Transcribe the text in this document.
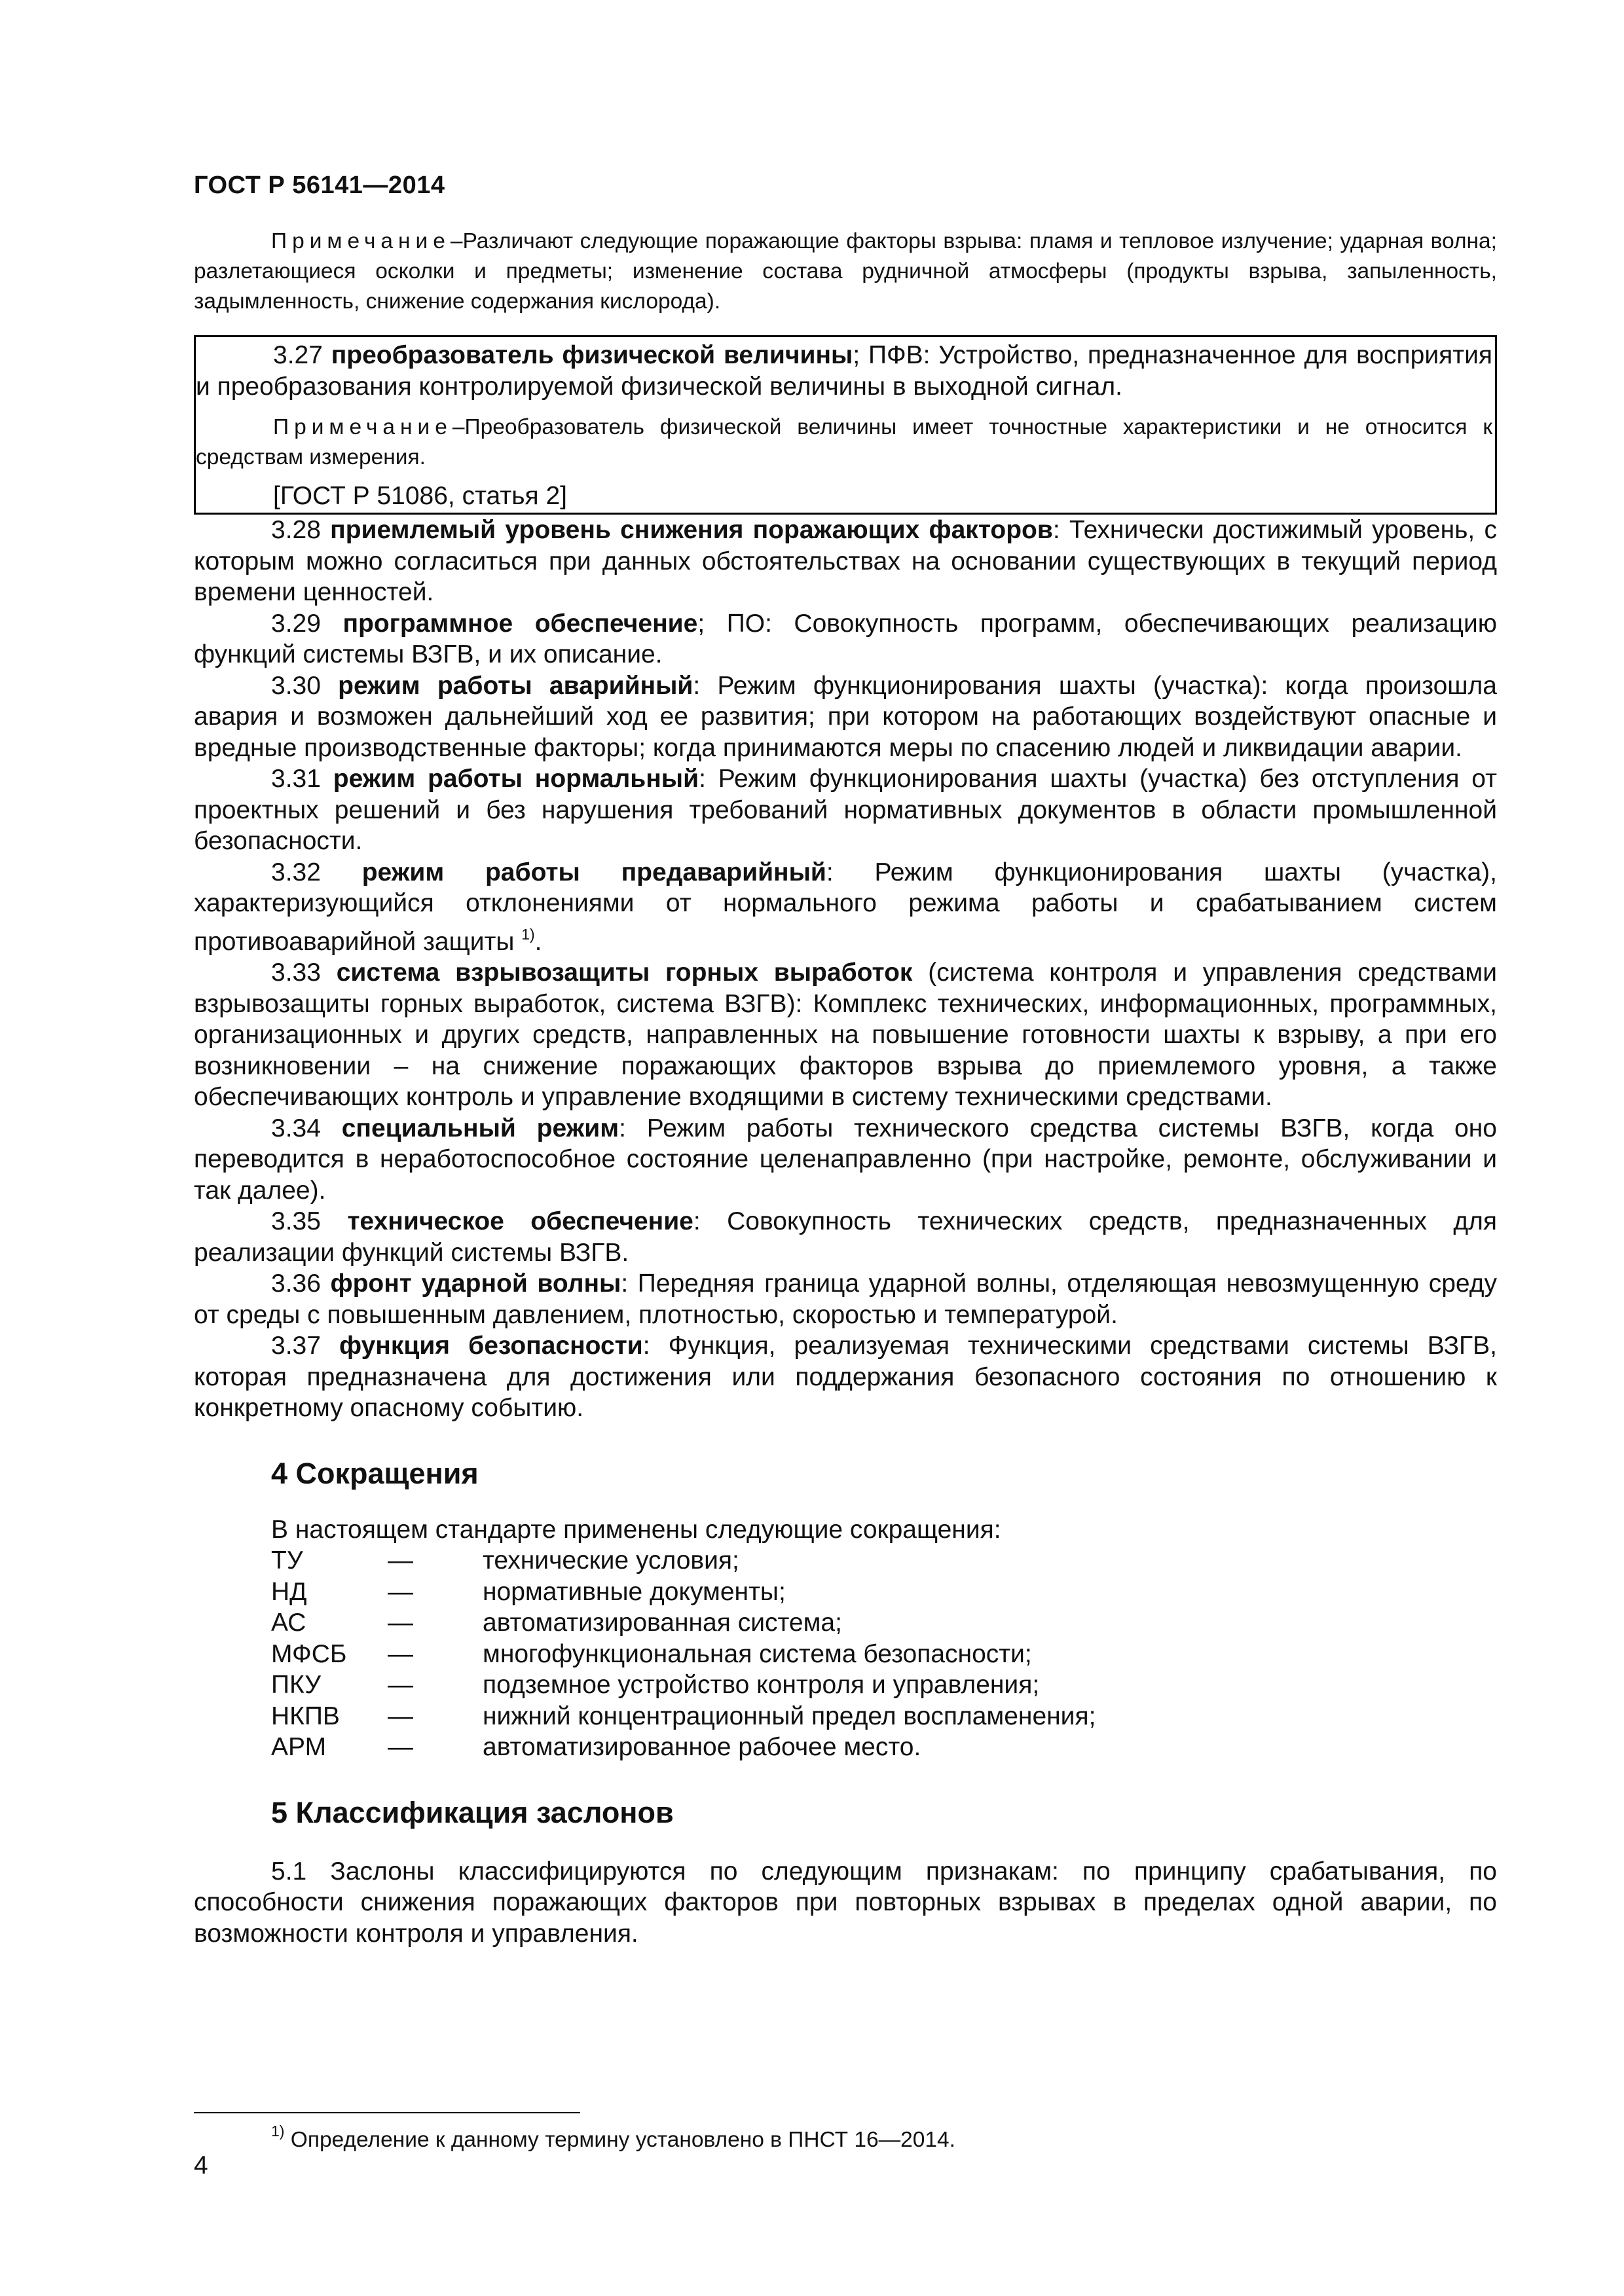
ГОСТ Р 56141—2014

Примечание–Различают следующие поражающие факторы взрыва: пламя и тепловое излучение; ударная волна; разлетающиеся осколки и предметы; изменение состава рудничной атмосферы (продукты взрыва, запыленность, задымленность, снижение содержания кислорода).

3.27 преобразователь физической величины; ПФВ: Устройство, предназначенное для восприятия и преобразования контролируемой физической величины в выходной сигнал.

Примечание–Преобразователь физической величины имеет точностные характеристики и не относится к средствам измерения.

[ГОСТ Р 51086, статья 2]

3.28 приемлемый уровень снижения поражающих факторов: Технически достижимый уровень, с которым можно согласиться при данных обстоятельствах на основании существующих в текущий период времени ценностей.

3.29 программное обеспечение; ПО: Совокупность программ, обеспечивающих реализацию функций системы ВЗГВ, и их описание.

3.30 режим работы аварийный: Режим функционирования шахты (участка): когда произошла авария и возможен дальнейший ход ее развития; при котором на работающих воздействуют опасные и вредные производственные факторы; когда принимаются меры по спасению людей и ликвидации аварии.

3.31 режим работы нормальный: Режим функционирования шахты (участка) без отступления от проектных решений и без нарушения требований нормативных документов в области промышленной безопасности.

3.32 режим работы предаварийный: Режим функционирования шахты (участка), характеризующийся отклонениями от нормального режима работы и срабатыванием систем противоаварийной защиты $^{1)}$.

3.33 система взрывозащиты горных выработок (система контроля и управления средствами взрывозащиты горных выработок, система ВЗГВ): Комплекс технических, информационных, программных, организационных и других средств, направленных на повышение готовности шахты к взрыву, а при его возникновении – на снижение поражающих факторов взрыва до приемлемого уровня, а также обеспечивающих контроль и управление входящими в систему техническими средствами.

3.34 специальный режим: Режим работы технического средства системы ВЗГВ, когда оно переводится в неработоспособное состояние целенаправленно (при настройке, ремонте, обслуживании и так далее).

3.35 техническое обеспечение: Совокупность технических средств, предназначенных для реализации функций системы ВЗГВ.

3.36 фронт ударной волны: Передняя граница ударной волны, отделяющая невозмущенную среду от среды с повышенным давлением, плотностью, скоростью и температурой.

3.37 функция безопасности: Функция, реализуемая техническими средствами системы ВЗГВ, которая предназначена для достижения или поддержания безопасного состояния по отношению к конкретному опасному событию.

4 Сокращения
В настоящем стандарте применены следующие сокращения:
ТУ	—	технические условия;
НД	—	нормативные документы;
АС	—	автоматизированная система;
МФСБ	—	многофункциональная система безопасности;
ПКУ	—	подземное устройство контроля и управления;
НКПВ	—	нижний концентрационный предел воспламенения;
АРМ	—	автоматизированное рабочее место.
5 Классификация заслонов

5.1 Заслоны классифицируются по следующим признакам: по принципу срабатывания, по способности снижения поражающих факторов при повторных взрывах в пределах одной аварии, по возможности контроля и управления.

$^{1)}$ Определение к данному термину установлено в ПНСТ 16—2014.
4
